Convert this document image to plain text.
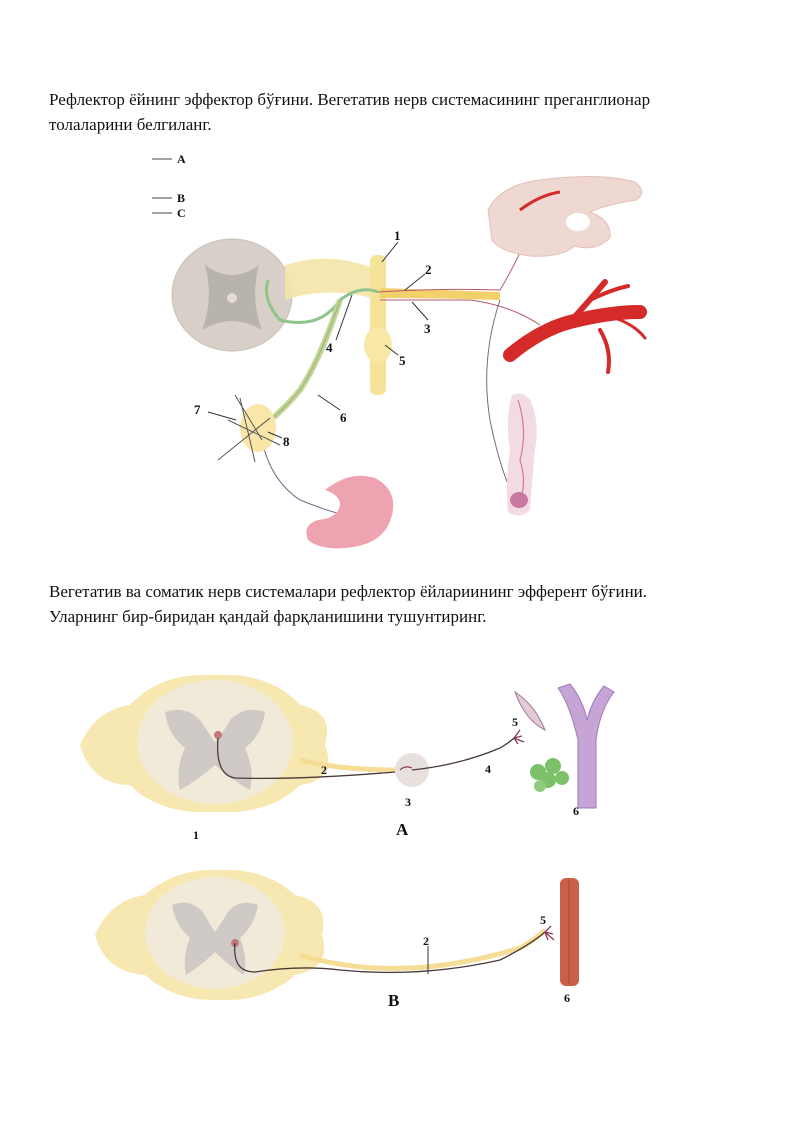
Рефлектор ёйнинг эффектор бўғини. Вегетатив нерв системасининг преганглионар
толаларини белгиланг.
A
B
C
1
2
3
4
5
6
7
8
Вегетатив ва соматик нерв системалари рефлектор ёйлариининг эфферент бўғини.
Уларнинг бир-биридан қандай фарқланишини тушунтиринг.
1
2
3
4
5
6
A
2
5
6
B
